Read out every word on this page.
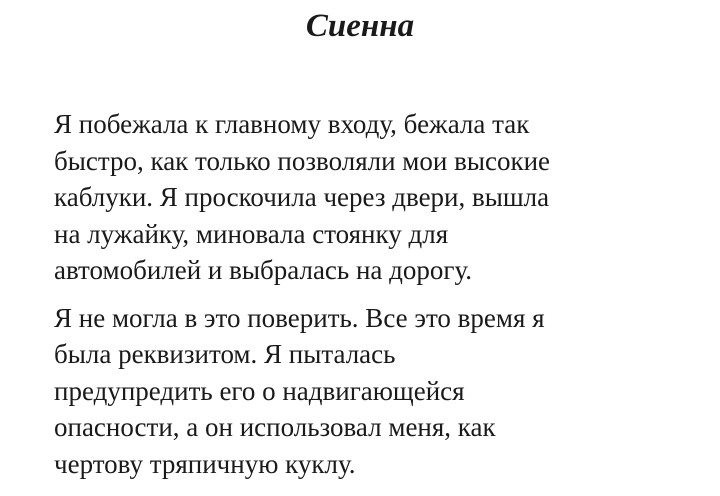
Сиенна

Я побежала к главному входу, бежала так
быстро, как только позволяли мои высокие
каблуки. Я проскочила через двери, вышла
на лужайку, миновала стоянку для
автомобилей и выбралась на дорогу.

Я не могла в это поверить. Все это время я
была реквизитом. Я пыталась
предупредить его о надвигающейся
опасности, а он использовал меня, как
чертову тряпичную куклу.
